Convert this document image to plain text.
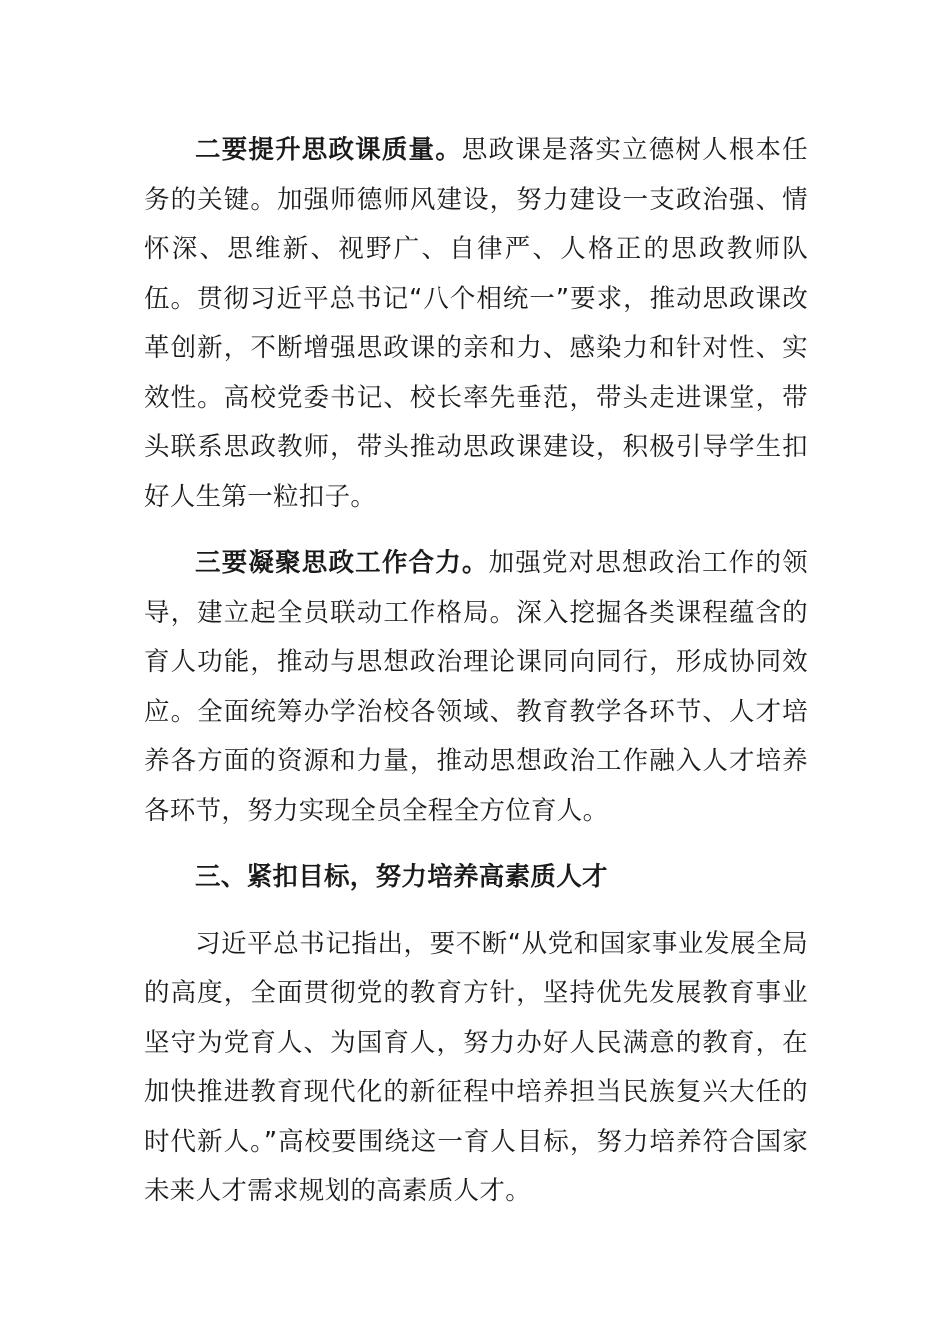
二要提升思政课质量。思政课是落实立德树人根本任务的关键。加强师德师风建设，努力建设一支政治强、情怀深、思维新、视野广、自律严、人格正的思政教师队伍。贯彻习近平总书记“八个相统一”要求，推动思政课改革创新，不断增强思政课的亲和力、感染力和针对性、实效性。高校党委书记、校长率先垂范，带头走进课堂，带头联系思政教师，带头推动思政课建设，积极引导学生扣好人生第一粒扣子。

三要凝聚思政工作合力。加强党对思想政治工作的领导，建立起全员联动工作格局。深入挖掘各类课程蕴含的育人功能，推动与思想政治理论课同向同行，形成协同效应。全面统筹办学治校各领域、教育教学各环节、人才培养各方面的资源和力量，推动思想政治工作融入人才培养各环节，努力实现全员全程全方位育人。

三、紧扣目标，努力培养高素质人才

习近平总书记指出，要不断“从党和国家事业发展全局的高度，全面贯彻党的教育方针，坚持优先发展教育事业坚守为党育人、为国育人，努力办好人民满意的教育，在加快推进教育现代化的新征程中培养担当民族复兴大任的时代新人。”高校要围绕这一育人目标，努力培养符合国家未来人才需求规划的高素质人才。
